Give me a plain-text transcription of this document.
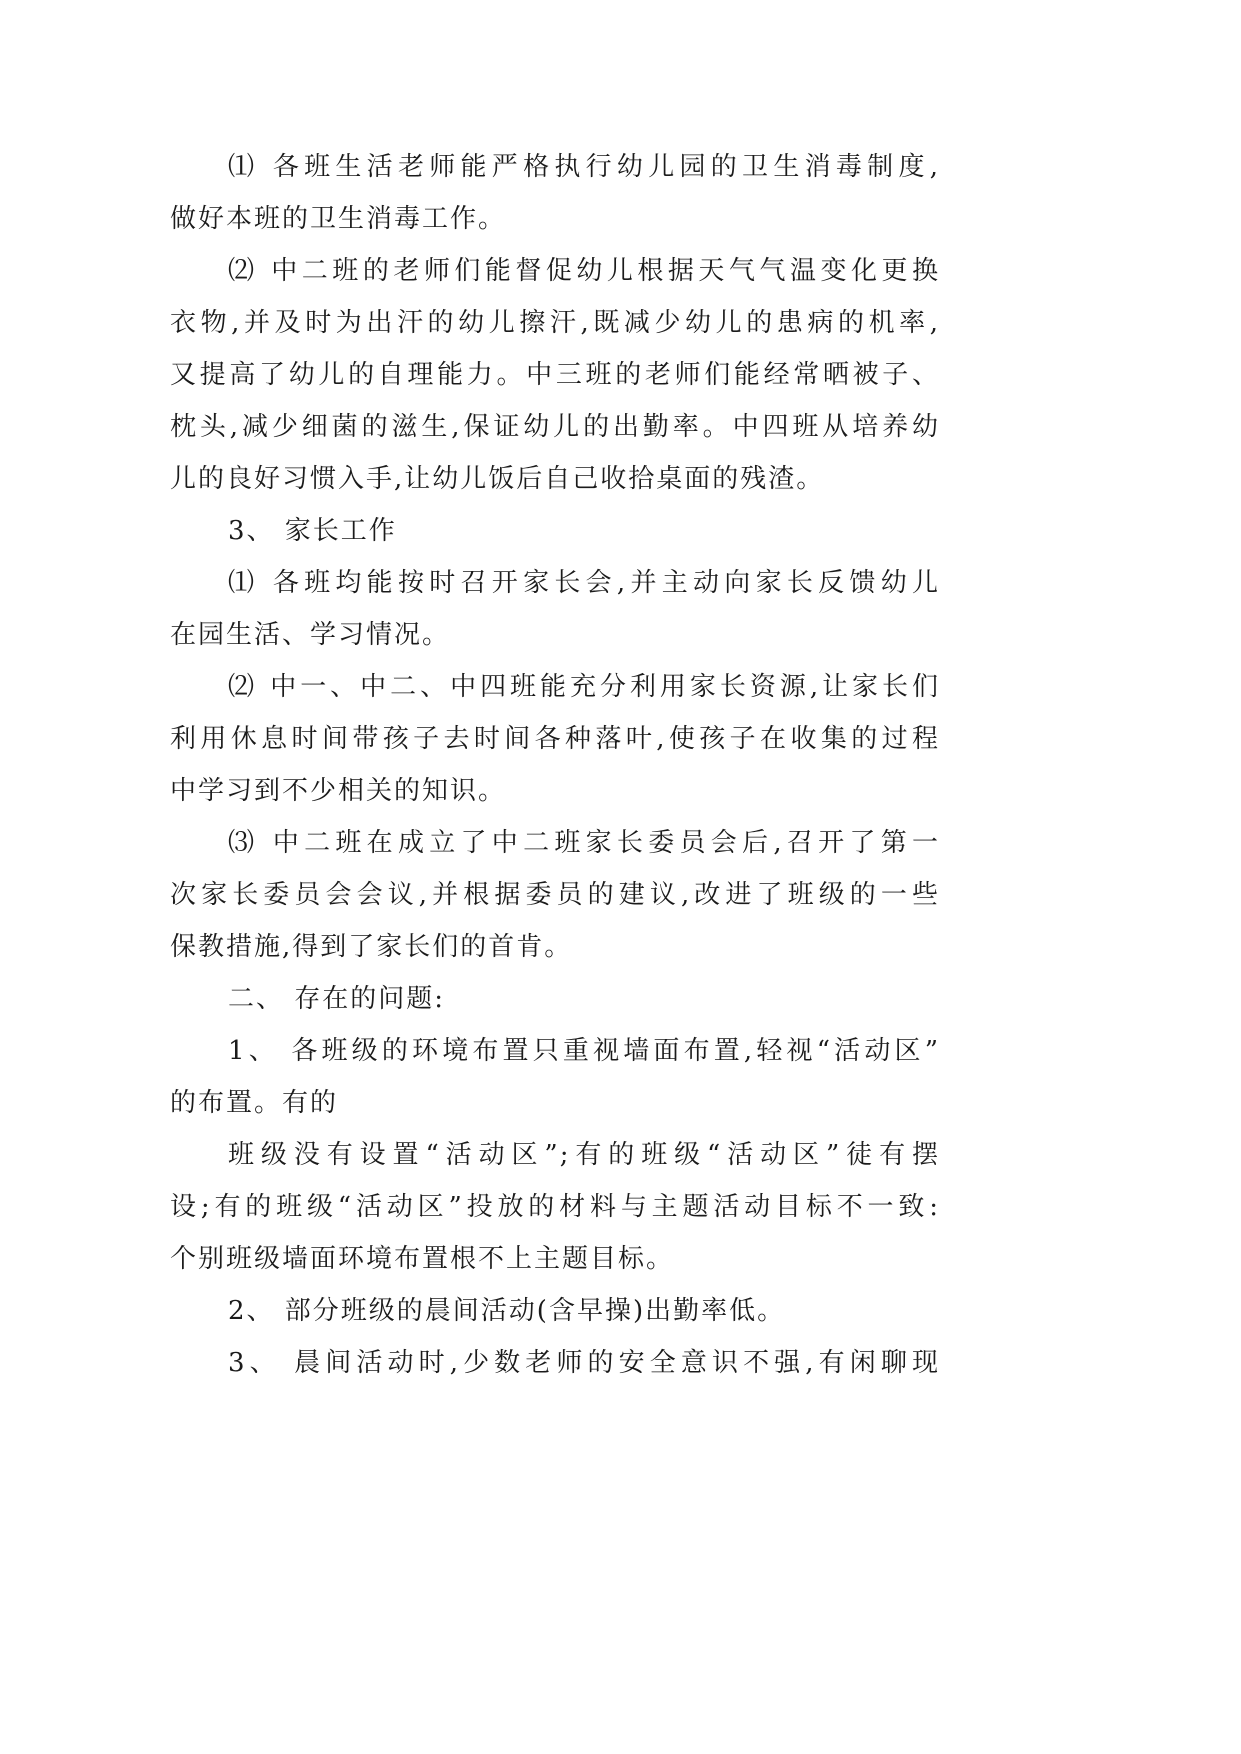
⑴ 各班生活老师能严格执行幼儿园的卫生消毒制度,
做好本班的卫生消毒工作。
⑵ 中二班的老师们能督促幼儿根据天气气温变化更换
衣物,并及时为出汗的幼儿擦汗,既减少幼儿的患病的机率,
又提高了幼儿的自理能力。中三班的老师们能经常晒被子、
枕头,减少细菌的滋生,保证幼儿的出勤率。中四班从培养幼
儿的良好习惯入手,让幼儿饭后自己收拾桌面的残渣。
3、 家长工作
⑴ 各班均能按时召开家长会,并主动向家长反馈幼儿
在园生活、学习情况。
⑵ 中一、中二、中四班能充分利用家长资源,让家长们
利用休息时间带孩子去时间各种落叶,使孩子在收集的过程
中学习到不少相关的知识。
⑶ 中二班在成立了中二班家长委员会后,召开了第一
次家长委员会会议,并根据委员的建议,改进了班级的一些
保教措施,得到了家长们的首肯。
二、 存在的问题:
1、 各班级的环境布置只重视墙面布置,轻视“活动区”
的布置。有的
班级没有设置“活动区”;有的班级“活动区”徒有摆
设;有的班级“活动区”投放的材料与主题活动目标不一致:
个别班级墙面环境布置根不上主题目标。
2、 部分班级的晨间活动(含早操)出勤率低。
3、 晨间活动时,少数老师的安全意识不强,有闲聊现
